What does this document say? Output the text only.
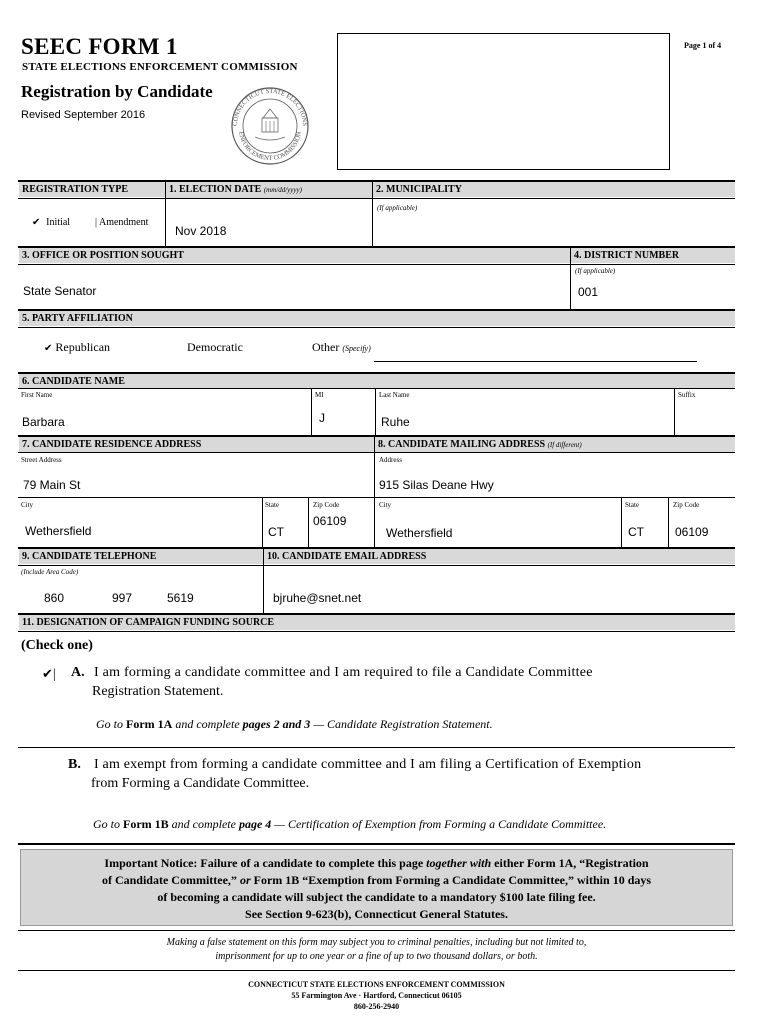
SEEC FORM 1
STATE ELECTIONS ENFORCEMENT COMMISSION
Registration by Candidate
Revised September 2016
CONNECTICUT STATE ELECTIONS
ENFORCEMENT COMMISSION
Page 1 of 4
REGISTRATION TYPE	1. ELECTION DATE (mm/dd/yyyy)	2. MUNICIPALITY
✔ Initial | Amendment
Nov 2018
(If applicable)
3. OFFICE OR POSITION SOUGHT	4. DISTRICT NUMBER
State Senator
(If applicable)
001
5. PARTY AFFILIATION
✔ Republican	Democratic	Other (Specify)
6. CANDIDATE NAME
First Name
Barbara
MI
J
Last Name
Ruhe
Suffix
7. CANDIDATE RESIDENCE ADDRESS	8. CANDIDATE MAILING ADDRESS (If different)
Street Address
79 Main St
Address
915 Silas Deane Hwy
City
Wethersfield
State
CT
Zip Code
06109
City
Wethersfield
State
CT
Zip Code
06109
9. CANDIDATE TELEPHONE	10. CANDIDATE EMAIL ADDRESS
(Include Area Code)
860	997	5619	bjruhe@snet.net
11. DESIGNATION OF CAMPAIGN FUNDING SOURCE
(Check one)
✔| A. I am forming a candidate committee and I am required to file a Candidate Committee
Registration Statement.
Go to Form 1A and complete pages 2 and 3 — Candidate Registration Statement.
B. I am exempt from forming a candidate committee and I am filing a Certification of Exemption
from Forming a Candidate Committee.
Go to Form 1B and complete page 4 — Certification of Exemption from Forming a Candidate Committee.
Important Notice: Failure of a candidate to complete this page together with either Form 1A, “Registration
of Candidate Committee,” or Form 1B “Exemption from Forming a Candidate Committee,” within 10 days
of becoming a candidate will subject the candidate to a mandatory $100 late filing fee.
See Section 9-623(b), Connecticut General Statutes.
Making a false statement on this form may subject you to criminal penalties, including but not limited to,
imprisonment for up to one year or a fine of up to two thousand dollars, or both.
CONNECTICUT STATE ELECTIONS ENFORCEMENT COMMISSION
55 Farmington Ave · Hartford, Connecticut 06105
860-256-2940
